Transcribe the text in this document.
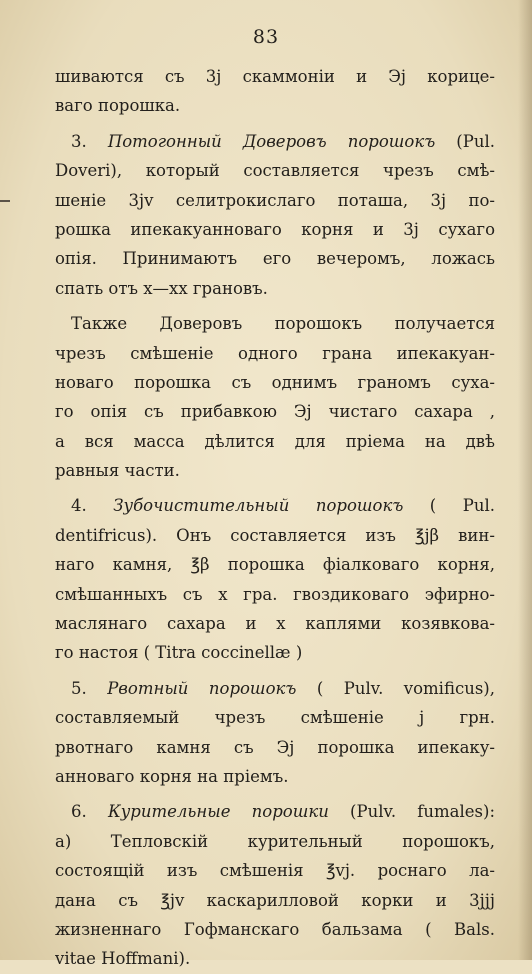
83
шиваются съ 3j скаммоніи и Эj корице-
ваго порошка.
3. Потогонный Доверовъ порошокъ (Pul.
Doveri), который составляется чрезъ смѣ-
шеніе 3jv селитрокислаго поташа, 3j по-
рошка ипекакуанноваго корня и 3j сухаго
опія. Принимаютъ его вечеромъ, ложась
спать отъ x—xx грановъ.
Также Доверовъ порошокъ получается
чрезъ смѣшеніе одного грана ипекакуан-
новаго порошка съ однимъ граномъ суха-
го опія съ прибавкою Эj чистаго сахара ,
а вся масса дѣлится для пріема на двѣ
равныя части.
4. Зубочистительный порошокъ ( Pul.
dentifricus). Онъ составляется изъ ℥jβ вин-
наго камня, ℥β порошка фіалковаго корня,
смѣшанныхъ съ x гра. гвоздиковаго эфирно-
маслянаго сахара и x каплями козявкова-
го настоя ( Titra coccinellæ )
5. Рвотный порошокъ ( Pulv. vomificus),
составляемый чрезъ смѣшеніе j грн.
рвотнаго камня съ Эj порошка ипекаку-
анноваго корня на пріемъ.
6. Курительные порошки (Pulv. fumales):
а) Тепловскій курительный порошокъ,
состоящій изъ смѣшенія ℥vj. роснаго ла-
дана съ ℥jv каскарилловой корки и 3jjj
жизненнаго Гофманскаго бальзама ( Bals.
vitae Hoffmani).
